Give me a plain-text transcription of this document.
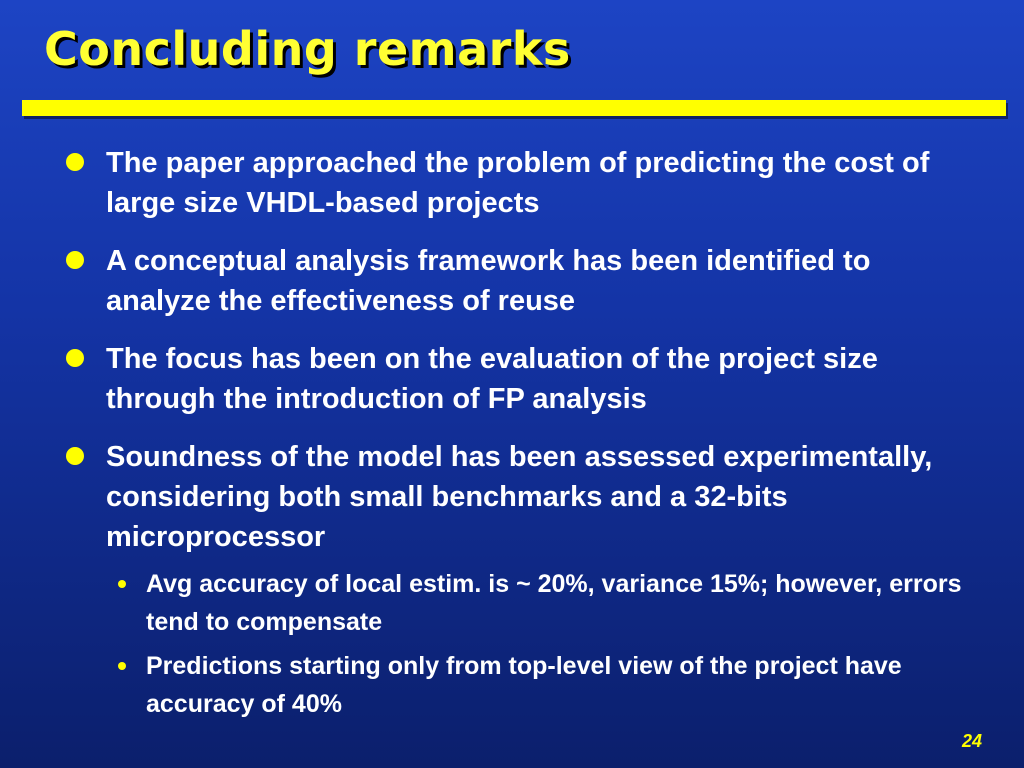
Concluding remarks
The paper approached the problem of predicting the cost of large size VHDL-based projects
A conceptual analysis framework has been identified to analyze the effectiveness of reuse
The focus has been on the evaluation of the project size through the introduction of FP analysis
Soundness of the model has been assessed experimentally, considering both small benchmarks and a 32-bits microprocessor
Avg accuracy of local estim. is ~ 20%, variance 15%; however, errors tend to compensate
Predictions starting only from top-level view of the project have accuracy of 40%
24
